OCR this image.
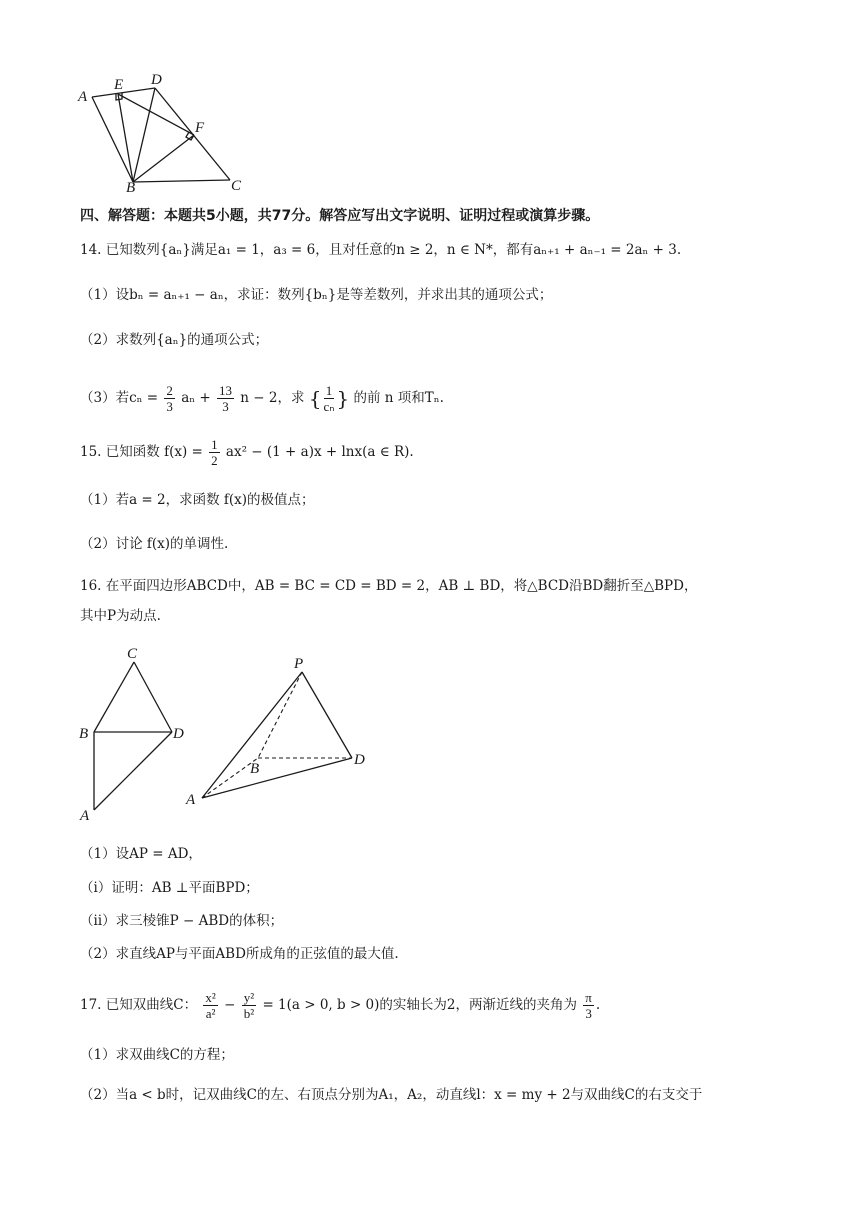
A
E D
F
B	C
四、解答题：本题共5小题，共77分。解答应写出文字说明、证明过程或演算步骤。
14. 已知数列{aₙ}满足a₁ = 1，a₃ = 6，且对任意的n ≥ 2，n ∈ N*，都有aₙ₊₁ + aₙ₋₁ = 2aₙ + 3.
（1）设bₙ = aₙ₊₁ − aₙ，求证：数列{bₙ}是等差数列，并求出其的通项公式；
（2）求数列{aₙ}的通项公式；
（3）若$c_n = \frac{2}{3}$ $a_n + \frac{13}{3}$ n − 2，求 { $\frac{1}{\text{cₙ}}$ } 的前 n 项和Tₙ.
15. 已知函数 $f(x) = \frac{1}{2} ax^2 - (1 + a)x + \ln x(a$ ∈ R).
（1）若a = 2，求函数 f(x)的极值点；
（2）讨论 f(x)的单调性.
16. 在平面四边形ABCD中，AB = BC = CD = BD = 2，AB ⊥ BD，将△BCD沿BD翻折至△BPD，
其中P为动点.
C
B	D
A
P
B
D
A
（1）设AP = AD，
（ⅰ）证明：AB ⊥平面BPD；
（ⅱ）求三棱锥P − ABD的体积；
（2）求直线AP与平面ABD所成角的正弦值的最大值.
17. 已知双曲线C： $\frac{\text{x²}}{\text{a²}} - \frac{\text{y²}}{\text{b²}} = 1(a > 0$, b > 0)的实轴长为2，两渐近线的夹角为 $\frac{\pi}{3}$ .
（1）求双曲线C的方程；
（2）当a < b时，记双曲线C的左、右顶点分别为A₁，A₂，动直线l：x = my + 2与双曲线C的右支交于
